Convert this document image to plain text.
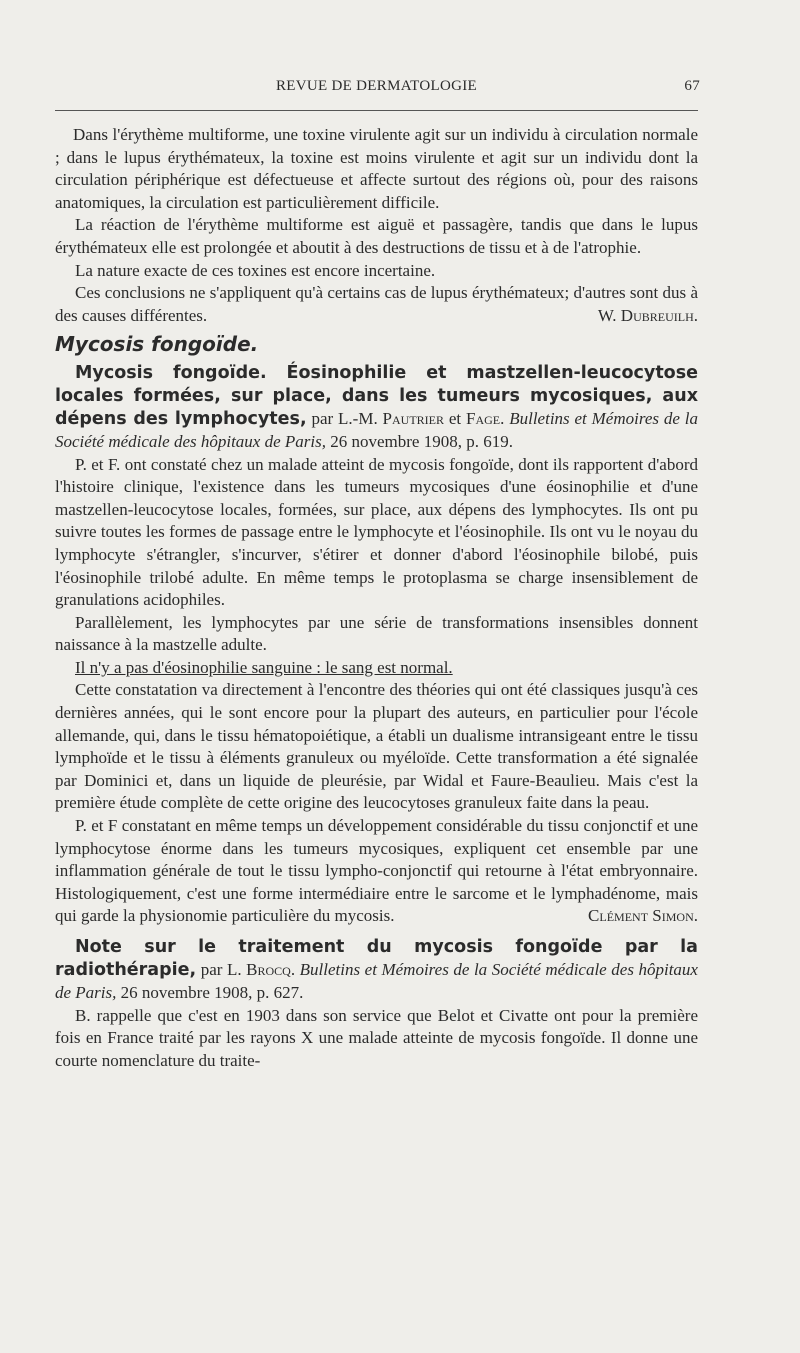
REVUE DE DERMATOLOGIE	67

Dans l'érythème multiforme, une toxine virulente agit sur un individu à circulation normale ; dans le lupus érythémateux, la toxine est moins virulente et agit sur un individu dont la circulation périphérique est défectueuse et affecte surtout des régions où, pour des raisons anatomiques, la circulation est particulièrement difficile.

La réaction de l'érythème multiforme est aiguë et passagère, tandis que dans le lupus érythémateux elle est prolongée et aboutit à des destructions de tissu et à de l'atrophie.

La nature exacte de ces toxines est encore incertaine.

Ces conclusions ne s'appliquent qu'à certains cas de lupus érythémateux; d'autres sont dus à des causes différentes.	W. Dubreuilh.

Mycosis fongoïde.

Mycosis fongoïde. Éosinophilie et mastzellen-leucocytose locales formées, sur place, dans les tumeurs mycosiques, aux dépens des lymphocytes, par L.-M. Pautrier et Fage. Bulletins et Mémoires de la Société médicale des hôpitaux de Paris, 26 novembre 1908, p. 619.

P. et F. ont constaté chez un malade atteint de mycosis fongoïde, dont ils rapportent d'abord l'histoire clinique, l'existence dans les tumeurs mycosiques d'une éosinophilie et d'une mastzellen-leucocytose locales, formées, sur place, aux dépens des lymphocytes. Ils ont pu suivre toutes les formes de passage entre le lymphocyte et l'éosinophile. Ils ont vu le noyau du lymphocyte s'étrangler, s'incurver, s'étirer et donner d'abord l'éosinophile bilobé, puis l'éosinophile trilobé adulte. En même temps le protoplasma se charge insensiblement de granulations acidophiles.

Parallèlement, les lymphocytes par une série de transformations insensibles donnent naissance à la mastzelle adulte.

Il n'y a pas d'éosinophilie sanguine : le sang est normal.

Cette constatation va directement à l'encontre des théories qui ont été classiques jusqu'à ces dernières années, qui le sont encore pour la plupart des auteurs, en particulier pour l'école allemande, qui, dans le tissu hématopoiétique, a établi un dualisme intransigeant entre le tissu lymphoïde et le tissu à éléments granuleux ou myéloïde. Cette transformation a été signalée par Dominici et, dans un liquide de pleurésie, par Widal et Faure-Beaulieu. Mais c'est la première étude complète de cette origine des leucocytoses granuleux faite dans la peau.

P. et F constatant en même temps un développement considérable du tissu conjonctif et une lymphocytose énorme dans les tumeurs mycosiques, expliquent cet ensemble par une inflammation générale de tout le tissu lympho-conjonctif qui retourne à l'état embryonnaire. Histologiquement, c'est une forme intermédiaire entre le sarcome et le lymphadénome, mais qui garde la physionomie particulière du mycosis.	Clément Simon.

Note sur le traitement du mycosis fongoïde par la radiothérapie, par L. Brocq. Bulletins et Mémoires de la Société médicale des hôpitaux de Paris, 26 novembre 1908, p. 627.

B. rappelle que c'est en 1903 dans son service que Belot et Civatte ont pour la première fois en France traité par les rayons X une malade atteinte de mycosis fongoïde. Il donne une courte nomenclature du traite-
